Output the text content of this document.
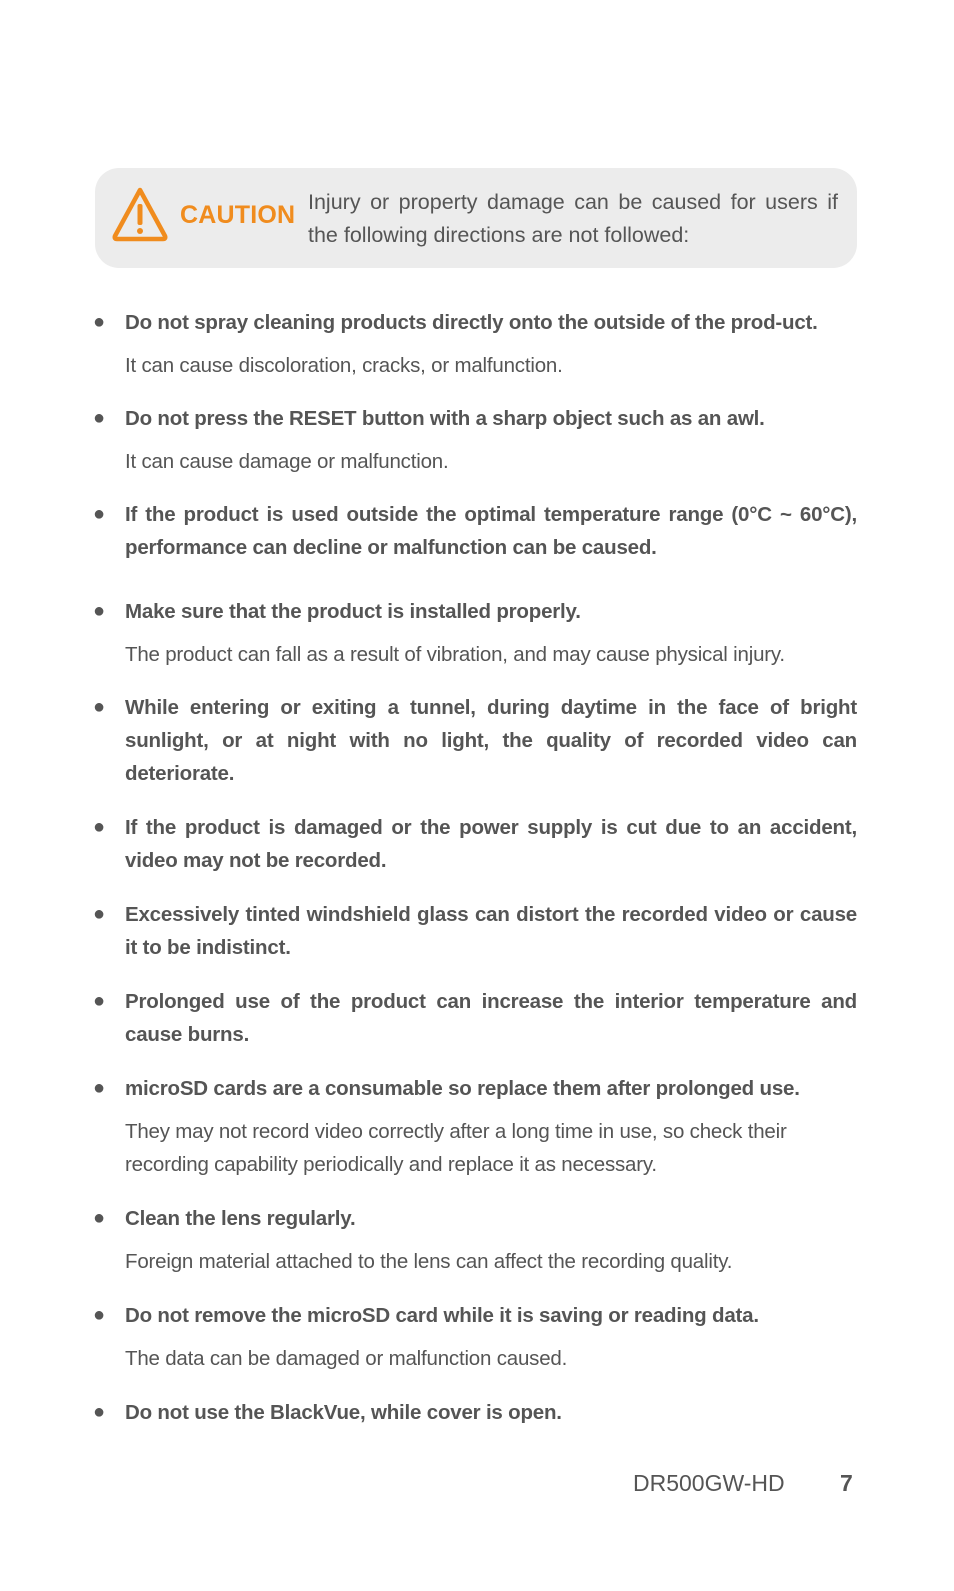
CAUTION Injury or property damage can be caused for users if the following directions are not followed:
● Do not spray cleaning products directly onto the outside of the prod-uct.
It can cause discoloration, cracks, or malfunction.
● Do not press the RESET button with a sharp object such as an awl.
It can cause damage or malfunction.
● If the product is used outside the optimal temperature range (0°C ~ 60°C), performance can decline or malfunction can be caused.
● Make sure that the product is installed properly.
The product can fall as a result of vibration, and may cause physical injury.
● While entering or exiting a tunnel, during daytime in the face of bright sunlight, or at night with no light, the quality of recorded video can deteriorate.
● If the product is damaged or the power supply is cut due to an accident, video may not be recorded.
● Excessively tinted windshield glass can distort the recorded video or cause it to be indistinct.
● Prolonged use of the product can increase the interior temperature and cause burns.
● microSD cards are a consumable so replace them after prolonged use.
They may not record video correctly after a long time in use, so check their recording capability periodically and replace it as necessary.
● Clean the lens regularly.
Foreign material attached to the lens can affect the recording quality.
● Do not remove the microSD card while it is saving or reading data.
The data can be damaged or malfunction caused.
● Do not use the BlackVue, while cover is open.
DR500GW-HD 7
